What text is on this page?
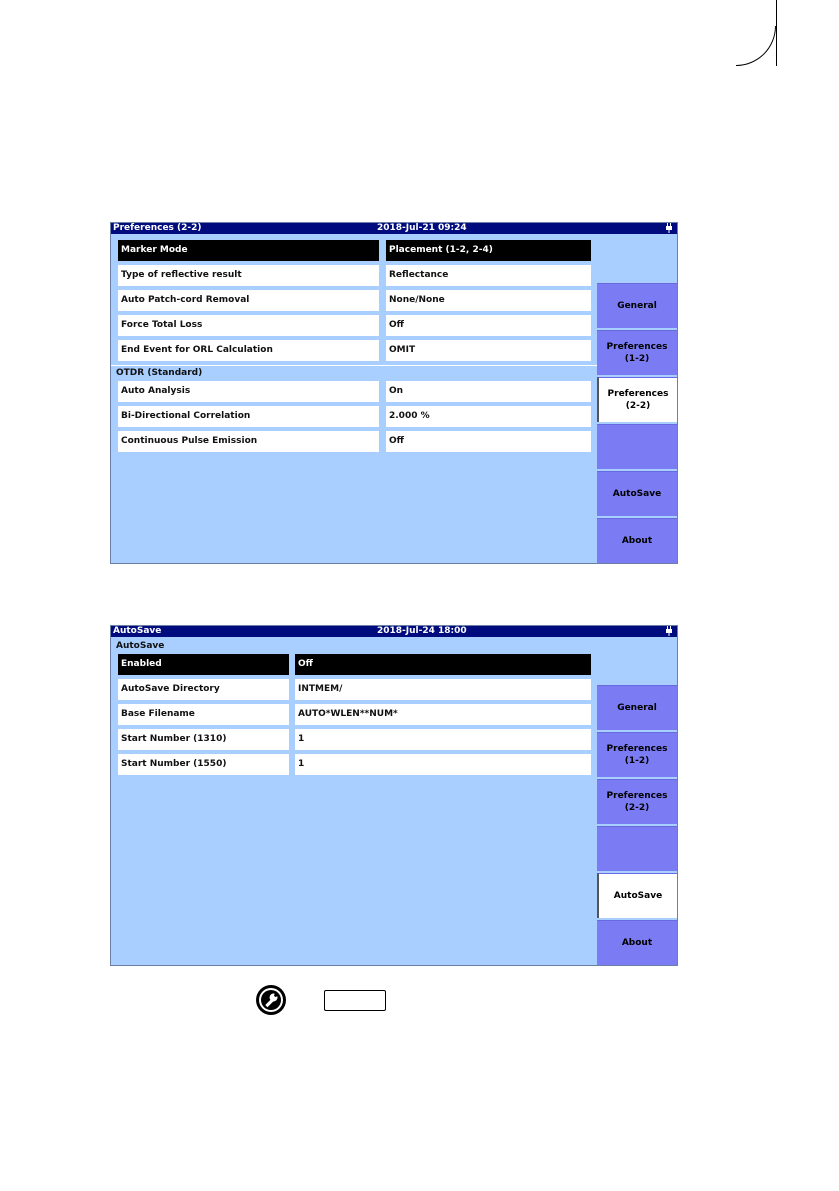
Preferences (2-2)	2018-Jul-21 09:24
Marker Mode	Placement (1-2, 2-4)
Type of reflective result	Reflectance
Auto Patch-cord Removal	None/None
Force Total Loss	Off
End Event for ORL Calculation	OMIT
OTDR (Standard)
Auto Analysis	On
Bi-Directional Correlation	2.000 %
Continuous Pulse Emission	Off
General
Preferences
(1-2)
Preferences
(2-2)
AutoSave
About
AutoSave	2018-Jul-24 18:00
AutoSave
Enabled	Off
AutoSave Directory	INTMEM/
Base Filename	AUTO*WLEN**NUM*
Start Number (1310)	1
Start Number (1550)	1
General
Preferences
(1-2)
Preferences
(2-2)
AutoSave
About
